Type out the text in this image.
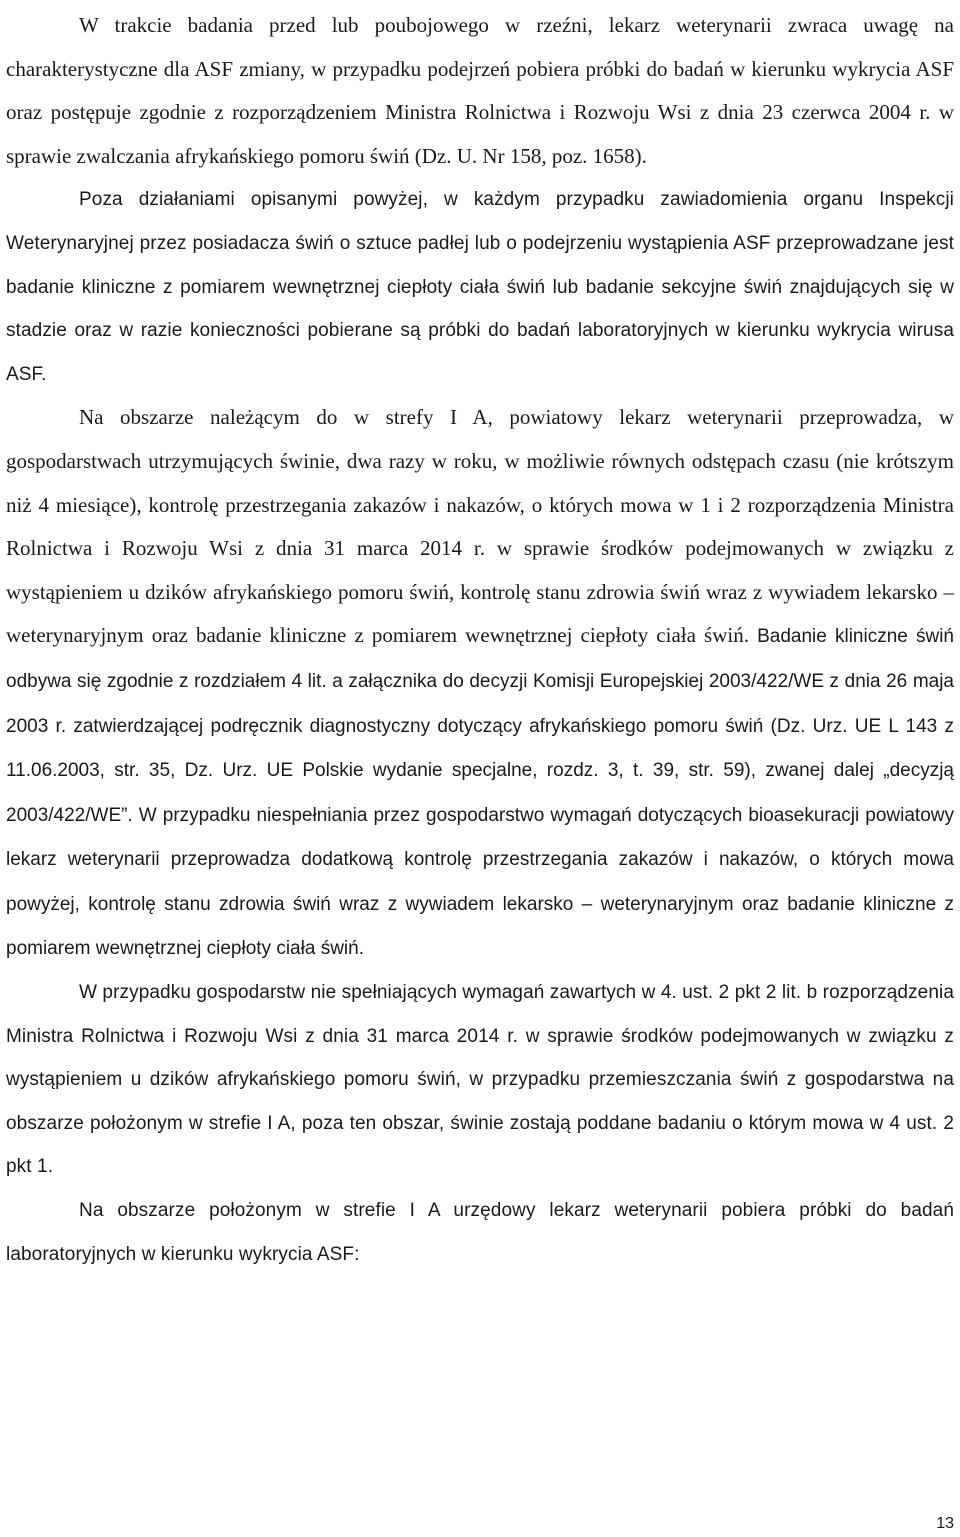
W trakcie badania przed lub poubojowego w rzeźni, lekarz weterynarii zwraca uwagę na charakterystyczne dla ASF zmiany, w przypadku podejrzeń pobiera próbki do badań w kierunku wykrycia ASF oraz postępuje zgodnie z rozporządzeniem Ministra Rolnictwa i Rozwoju Wsi z dnia 23 czerwca 2004 r. w sprawie zwalczania afrykańskiego pomoru świń (Dz. U. Nr 158, poz. 1658).

Poza działaniami opisanymi powyżej, w każdym przypadku zawiadomienia organu Inspekcji Weterynaryjnej przez posiadacza świń o sztuce padłej lub o podejrzeniu wystąpienia ASF przeprowadzane jest badanie kliniczne z pomiarem wewnętrznej ciepłoty ciała świń lub badanie sekcyjne świń znajdujących się w stadzie oraz w razie konieczności pobierane są próbki do badań laboratoryjnych w kierunku wykrycia wirusa ASF.

Na obszarze należącym do w strefy I A, powiatowy lekarz weterynarii przeprowadza, w gospodarstwach utrzymujących świnie, dwa razy w roku, w możliwie równych odstępach czasu (nie krótszym niż 4 miesiące), kontrolę przestrzegania zakazów i nakazów, o których mowa w 1 i 2 rozporządzenia Ministra Rolnictwa i Rozwoju Wsi z dnia 31 marca 2014 r. w sprawie środków podejmowanych w związku z wystąpieniem u dzików afrykańskiego pomoru świń, kontrolę stanu zdrowia świń wraz z wywiadem lekarsko – weterynaryjnym oraz badanie kliniczne z pomiarem wewnętrznej ciepłoty ciała świń. Badanie kliniczne świń odbywa się zgodnie z rozdziałem 4 lit. a załącznika do decyzji Komisji Europejskiej 2003/422/WE z dnia 26 maja 2003 r. zatwierdzającej podręcznik diagnostyczny dotyczący afrykańskiego pomoru świń (Dz. Urz. UE L 143 z 11.06.2003, str. 35, Dz. Urz. UE Polskie wydanie specjalne, rozdz. 3, t. 39, str. 59), zwanej dalej „decyzją 2003/422/WE”. W przypadku niespełniania przez gospodarstwo wymagań dotyczących bioasekuracji powiatowy lekarz weterynarii przeprowadza dodatkową kontrolę przestrzegania zakazów i nakazów, o których mowa powyżej, kontrolę stanu zdrowia świń wraz z wywiadem lekarsko – weterynaryjnym oraz badanie kliniczne z pomiarem wewnętrznej ciepłoty ciała świń.

W przypadku gospodarstw nie spełniających wymagań zawartych w 4. ust. 2 pkt 2 lit. b rozporządzenia Ministra Rolnictwa i Rozwoju Wsi z dnia 31 marca 2014 r. w sprawie środków podejmowanych w związku z wystąpieniem u dzików afrykańskiego pomoru świń, w przypadku przemieszczania świń z gospodarstwa na obszarze położonym w strefie I A, poza ten obszar, świnie zostają poddane badaniu o którym mowa w 4 ust. 2 pkt 1.

Na obszarze położonym w strefie I A urzędowy lekarz weterynarii pobiera próbki do badań laboratoryjnych w kierunku wykrycia ASF:

13
